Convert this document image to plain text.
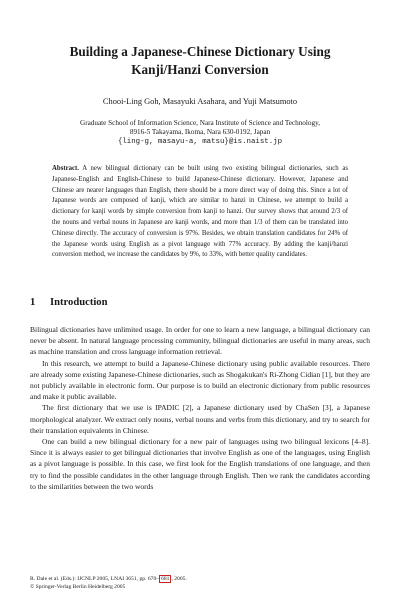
Building a Japanese-Chinese Dictionary Using
Kanji/Hanzi Conversion
Chooi-Ling Goh, Masayuki Asahara, and Yuji Matsumoto
Graduate School of Information Science, Nara Institute of Science and Technology,
8916-5 Takayama, Ikoma, Nara 630-0192, Japan
{ling-g, masayu-a, matsu}@is.naist.jp
Abstract. A new bilingual dictionary can be built using two existing bilingual dictionaries, such as Japanese-English and English-Chinese to build Japanese-Chinese dictionary. However, Japanese and Chinese are nearer languages than English, there should be a more direct way of doing this. Since a lot of Japanese words are composed of kanji, which are similar to hanzi in Chinese, we attempt to build a dictionary for kanji words by simple conversion from kanji to hanzi. Our survey shows that around 2/3 of the nouns and verbal nouns in Japanese are kanji words, and more than 1/3 of them can be translated into Chinese directly. The accuracy of conversion is 97%. Besides, we obtain translation candidates for 24% of the Japanese words using English as a pivot language with 77% accuracy. By adding the kanji/hanzi conversion method, we increase the candidates by 9%, to 33%, with better quality candidates.
1 Introduction

Bilingual dictionaries have unlimited usage. In order for one to learn a new language, a bilingual dictionary can never be absent. In natural language processing community, bilingual dictionaries are useful in many areas, such as machine translation and cross language information retrieval.

In this research, we attempt to build a Japanese-Chinese dictionary using public available resources. There are already some existing Japanese-Chinese dictionaries, such as Shogakukan's Ri-Zhong Cidian [1], but they are not publicly available in electronic form. Our purpose is to build an electronic dictionary from public resources and make it public available.

The first dictionary that we use is IPADIC [2], a Japanese dictionary used by ChaSen [3], a Japanese morphological analyzer. We extract only nouns, verbal nouns and verbs from this dictionary, and try to search for their translation equivalents in Chinese.

One can build a new bilingual dictionary for a new pair of languages using two bilingual lexicons [4–8]. Since it is always easier to get bilingual dictionaries that involve English as one of the languages, using English as a pivot language is possible. In this case, we first look for the English translations of one language, and then try to find the possible candidates in the other language through English. Then we rank the candidates according to the similarities between the two words

R. Dale et al. (Eds.): IJCNLP 2005, LNAI 3651, pp. 670– 681 , 2005.
© Springer-Verlag Berlin Heidelberg 2005
